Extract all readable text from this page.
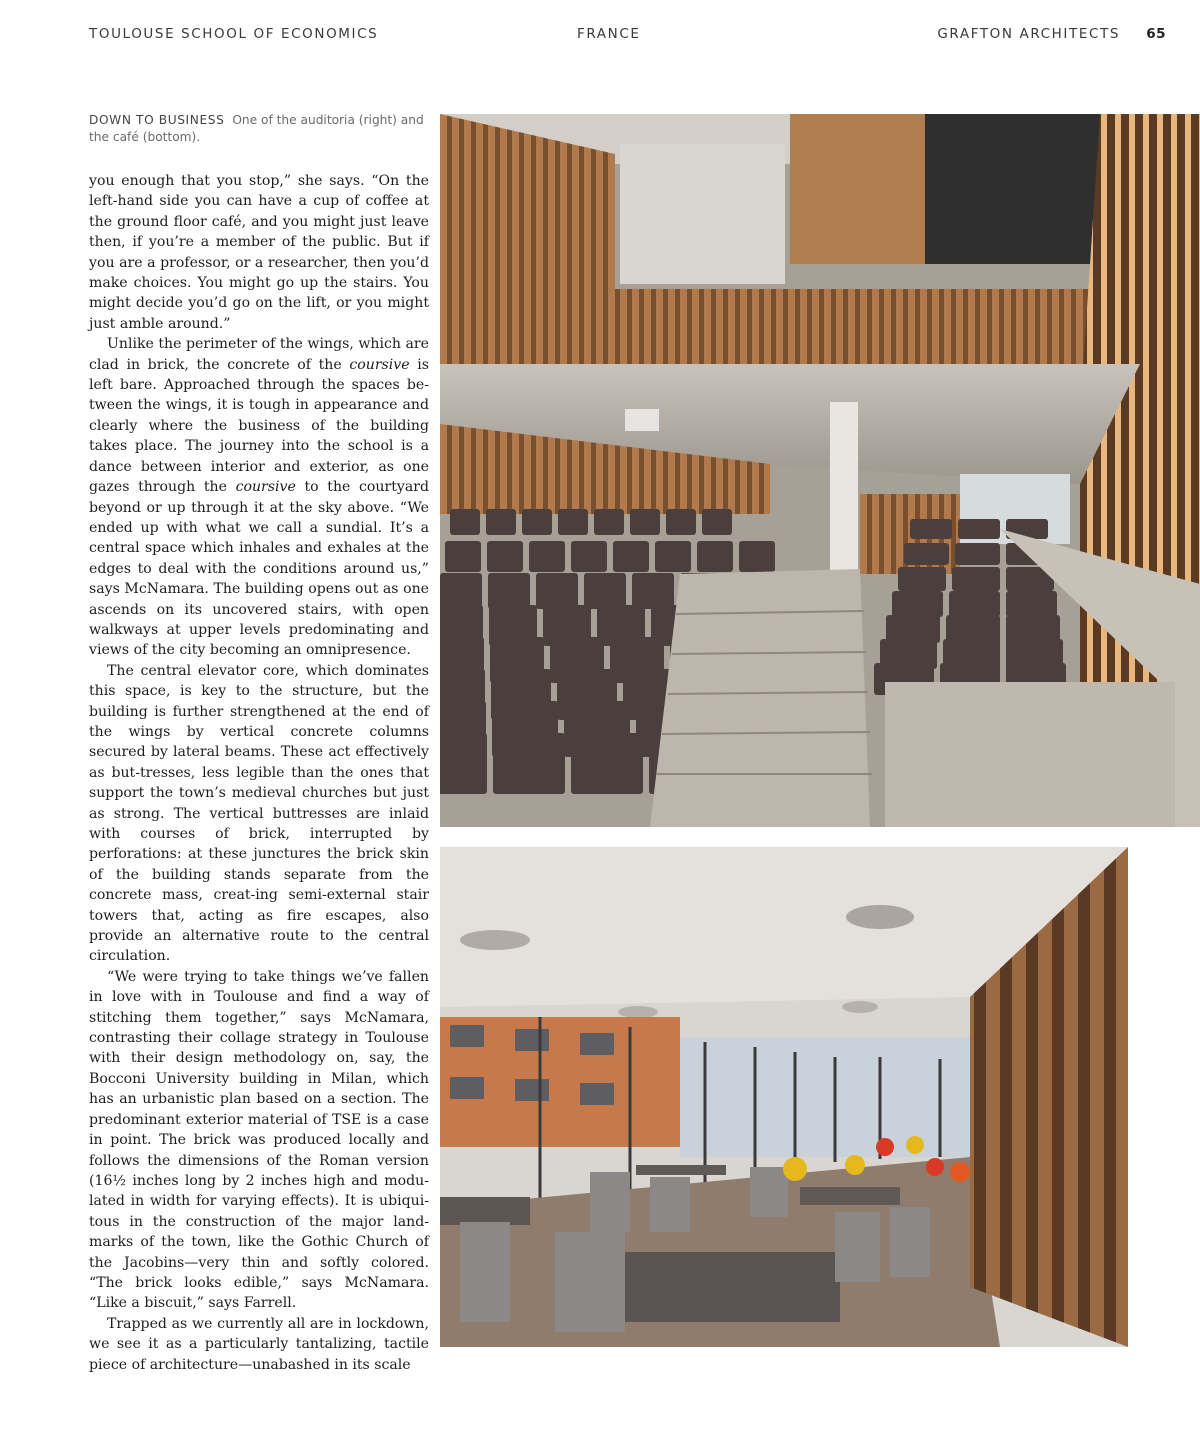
TOULOUSE SCHOOL OF ECONOMICS	FRANCE	GRAFTON ARCHITECTS 65
DOWN TO BUSINESS One of the auditoria (right) and the café (bottom).

you enough that you stop,” she says. “On the left-hand side you can have a cup of coffee at the ground floor café, and you might just leave then, if you’re a member of the public. But if you are a professor, or a researcher, then you’d make choices. You might go up the stairs. You might decide you’d go on the lift, or you might just amble around.”

Unlike the perimeter of the wings, which are clad in brick, the concrete of the coursive is left bare. Approached through the spaces be-tween the wings, it is tough in appearance and clearly where the business of the building takes place. The journey into the school is a dance between interior and exterior, as one gazes through the coursive to the courtyard beyond or up through it at the sky above. “We ended up with what we call a sundial. It’s a central space which inhales and exhales at the edges to deal with the conditions around us,” says McNamara. The building opens out as one ascends on its uncovered stairs, with open walkways at upper levels predominating and views of the city becoming an omnipresence.

The central elevator core, which dominates this space, is key to the structure, but the building is further strengthened at the end of the wings by vertical concrete columns secured by lateral beams. These act effectively as but-tresses, less legible than the ones that support the town’s medieval churches but just as strong. The vertical buttresses are inlaid with courses of brick, interrupted by perforations: at these junctures the brick skin of the building stands separate from the concrete mass, creat-ing semi-external stair towers that, acting as fire escapes, also provide an alternative route to the central circulation.

“We were trying to take things we’ve fallen in love with in Toulouse and find a way of stitching them together,” says McNamara, contrasting their collage strategy in Toulouse with their design methodology on, say, the Bocconi University building in Milan, which has an urbanistic plan based on a section. The predominant exterior material of TSE is a case in point. The brick was produced locally and follows the dimensions of the Roman version (16½ inches long by 2 inches high and modu-lated in width for varying effects). It is ubiqui-tous in the construction of the major land-marks of the town, like the Gothic Church of the Jacobins—very thin and softly colored. “The brick looks edible,” says McNamara. “Like a biscuit,” says Farrell.

Trapped as we currently all are in lockdown, we see it as a particularly tantalizing, tactile piece of architecture—unabashed in its scale
